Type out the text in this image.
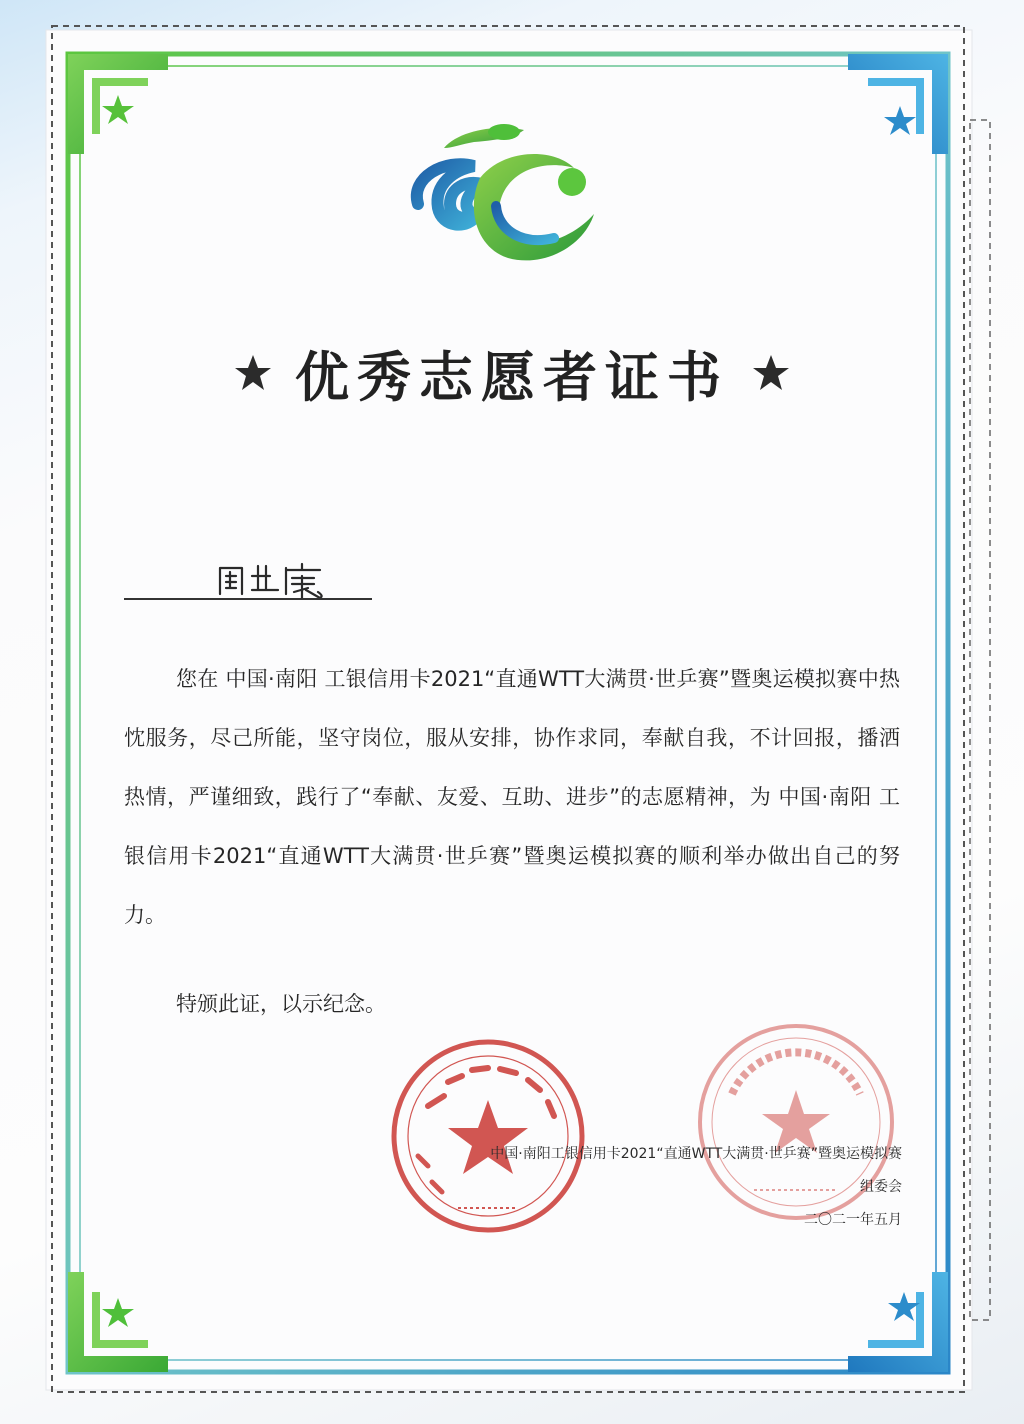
优秀志愿者证书
您在 中国·南阳 工银信用卡2021“直通WTT大满贯·世乒赛”暨奥运模拟赛中热忱服务，尽己所能，坚守岗位，服从安排，协作求同，奉献自我，不计回报，播洒热情，严谨细致，践行了“奉献、友爱、互助、进步”的志愿精神，为 中国·南阳 工银信用卡2021“直通WTT大满贯·世乒赛”暨奥运模拟赛的顺利举办做出自己的努力。
特颁此证，以示纪念。
中国·南阳工银信用卡2021“直通WTT大满贯·世乒赛”暨奥运模拟赛
组委会
二〇二一年五月
